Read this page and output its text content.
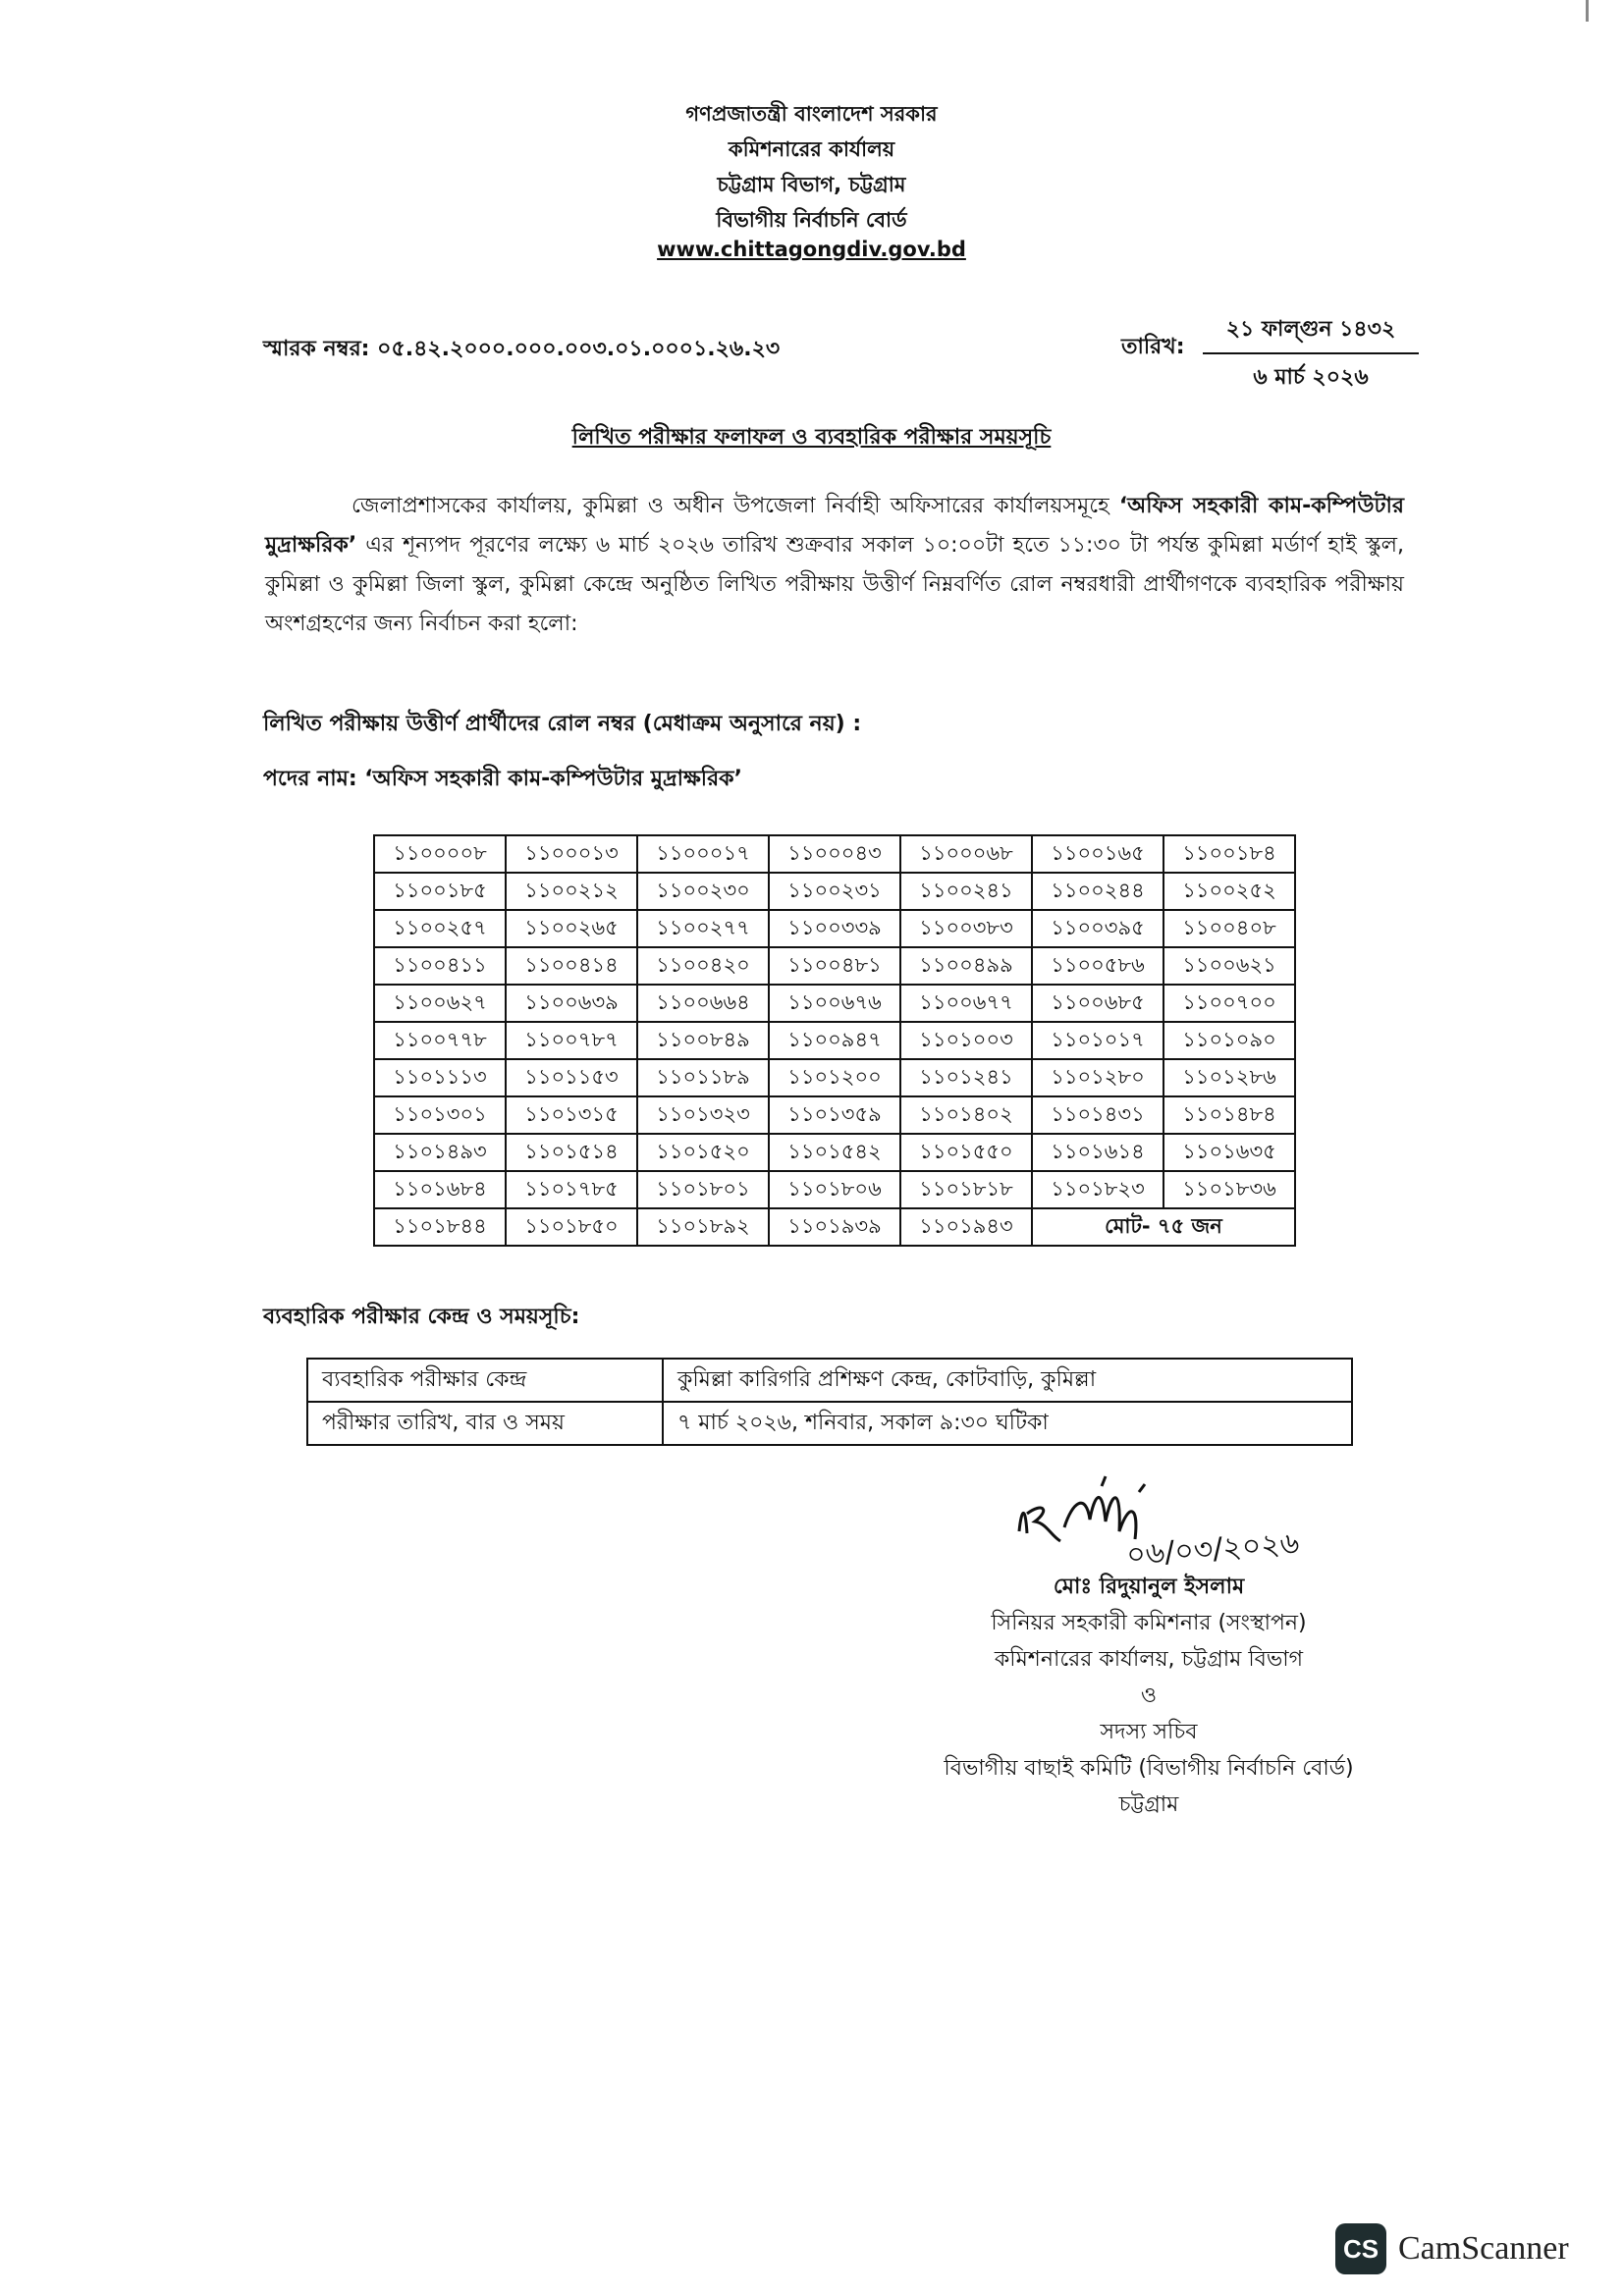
গণপ্রজাতন্ত্রী বাংলাদেশ সরকার
কমিশনারের কার্যালয়
চট্টগ্রাম বিভাগ, চট্টগ্রাম
বিভাগীয় নির্বাচনি বোর্ড
www.chittagongdiv.gov.bd
স্মারক নম্বর: ০৫.৪২.২০০০.০০০.০০৩.০১.০০০১.২৬.২৩	তারিখ:
২১ ফাল্গুন ১৪৩২
৬ মার্চ ২০২৬
লিখিত পরীক্ষার ফলাফল ও ব্যবহারিক পরীক্ষার সময়সূচি
জেলাপ্রশাসকের কার্যালয়, কুমিল্লা ও অধীন উপজেলা নির্বাহী অফিসারের কার্যালয়সমূহে ‘অফিস সহকারী কাম-কম্পিউটার মুদ্রাক্ষরিক’ এর শূন্যপদ পূরণের লক্ষ্যে ৬ মার্চ ২০২৬ তারিখ শুক্রবার সকাল ১০:০০টা হতে ১১:৩০ টা পর্যন্ত কুমিল্লা মর্ডার্ণ হাই স্কুল, কুমিল্লা ও কুমিল্লা জিলা স্কুল, কুমিল্লা কেন্দ্রে অনুষ্ঠিত লিখিত পরীক্ষায় উত্তীর্ণ নিম্নবর্ণিত রোল নম্বরধারী প্রার্থীগণকে ব্যবহারিক পরীক্ষায় অংশগ্রহণের জন্য নির্বাচন করা হলো:
লিখিত পরীক্ষায় উত্তীর্ণ প্রার্থীদের রোল নম্বর (মেধাক্রম অনুসারে নয়) :
পদের নাম: ‘অফিস সহকারী কাম-কম্পিউটার মুদ্রাক্ষরিক’
১১০০০০৮	১১০০০১৩	১১০০০১৭	১১০০০৪৩	১১০০০৬৮	১১০০১৬৫	১১০০১৮৪
১১০০১৮৫	১১০০২১২	১১০০২৩০	১১০০২৩১	১১০০২৪১	১১০০২৪৪	১১০০২৫২
১১০০২৫৭	১১০০২৬৫	১১০০২৭৭	১১০০৩৩৯	১১০০৩৮৩	১১০০৩৯৫	১১০০৪০৮
১১০০৪১১	১১০০৪১৪	১১০০৪২০	১১০০৪৮১	১১০০৪৯৯	১১০০৫৮৬	১১০০৬২১
১১০০৬২৭	১১০০৬৩৯	১১০০৬৬৪	১১০০৬৭৬	১১০০৬৭৭	১১০০৬৮৫	১১০০৭০০
১১০০৭৭৮	১১০০৭৮৭	১১০০৮৪৯	১১০০৯৪৭	১১০১০০৩	১১০১০১৭	১১০১০৯০
১১০১১১৩	১১০১১৫৩	১১০১১৮৯	১১০১২০০	১১০১২৪১	১১০১২৮০	১১০১২৮৬
১১০১৩০১	১১০১৩১৫	১১০১৩২৩	১১০১৩৫৯	১১০১৪০২	১১০১৪৩১	১১০১৪৮৪
১১০১৪৯৩	১১০১৫১৪	১১০১৫২০	১১০১৫৪২	১১০১৫৫০	১১০১৬১৪	১১০১৬৩৫
১১০১৬৮৪	১১০১৭৮৫	১১০১৮০১	১১০১৮০৬	১১০১৮১৮	১১০১৮২৩	১১০১৮৩৬
১১০১৮৪৪	১১০১৮৫০	১১০১৮৯২	১১০১৯৩৯	১১০১৯৪৩	মোট- ৭৫ জন	
ব্যবহারিক পরীক্ষার কেন্দ্র ও সময়সূচি:
ব্যবহারিক পরীক্ষার কেন্দ্র	কুমিল্লা কারিগরি প্রশিক্ষণ কেন্দ্র, কোটবাড়ি, কুমিল্লা
পরীক্ষার তারিখ, বার ও সময়	৭ মার্চ ২০২৬, শনিবার, সকাল ৯:৩০ ঘটিকা
০৬/০৩/২০২৬
মোঃ রিদুয়ানুল ইসলাম
সিনিয়র সহকারী কমিশনার (সংস্থাপন)
কমিশনারের কার্যালয়, চট্টগ্রাম বিভাগ
ও
সদস্য সচিব
বিভাগীয় বাছাই কমিটি (বিভাগীয় নির্বাচনি বোর্ড)
চট্টগ্রাম
CS CamScanner
